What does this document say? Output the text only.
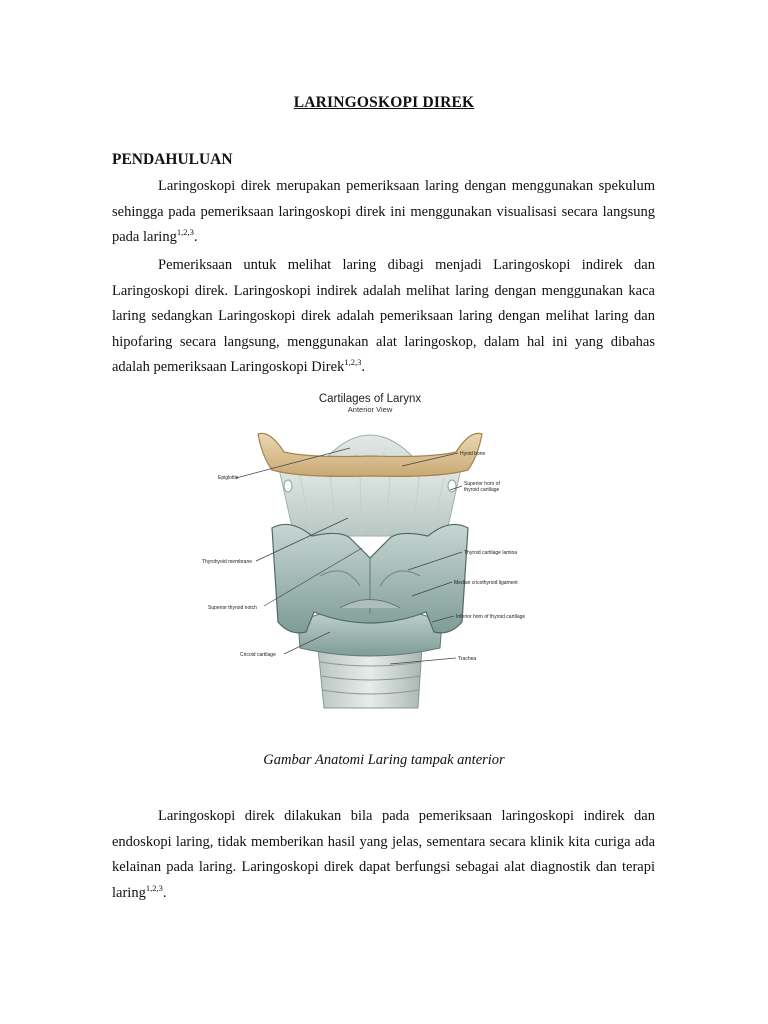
LARINGOSKOPI DIREK
PENDAHULUAN
Laringoskopi direk merupakan pemeriksaan laring dengan menggunakan spekulum sehingga pada pemeriksaan laringoskopi direk ini menggunakan visualisasi secara langsung pada laring$^{1,2,3}$.
Pemeriksaan untuk melihat laring dibagi menjadi Laringoskopi indirek dan Laringoskopi direk. Laringoskopi indirek adalah melihat laring dengan menggunakan kaca laring sedangkan Laringoskopi direk adalah pemeriksaan laring dengan melihat laring dan hipofaring secara langsung, menggunakan alat laringoskop, dalam hal ini yang dibahas adalah pemeriksaan Laringoskopi Direk$^{1,2,3}$.
Cartilages of Larynx
Anterior View
Epiglottis
Thyrohyoid membrane
Superior thyroid notch
Cricoid cartilage
Hyoid bone
Superior horn of
thyroid cartilage
Thyroid cartilage lamina
Median cricothyroid ligament
Inferior horn of thyroid cartilage
Trachea
Gambar Anatomi Laring tampak anterior
Laringoskopi direk dilakukan bila pada pemeriksaan laringoskopi indirek dan endoskopi laring, tidak memberikan hasil yang jelas, sementara secara klinik kita curiga ada kelainan pada laring. Laringoskopi direk dapat berfungsi sebagai alat diagnostik dan terapi laring$^{1,2,3}$.
